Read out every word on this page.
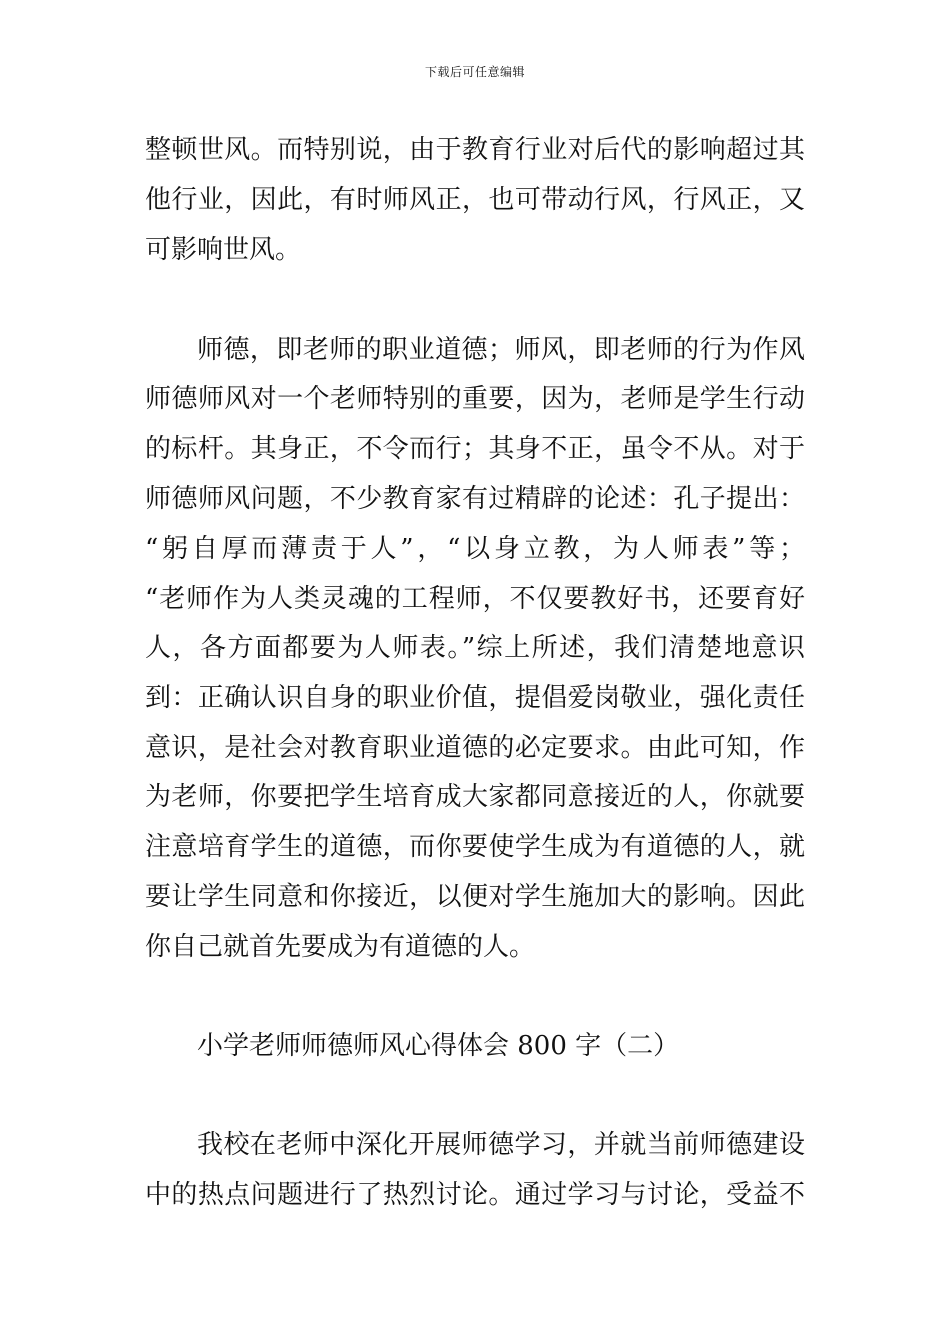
下载后可任意编辑
整顿世风。而特别说，由于教育行业对后代的影响超过其
他行业，因此，有时师风正，也可带动行风，行风正，又
可影响世风。
师德，即老师的职业道德；师风，即老师的行为作风
师德师风对一个老师特别的重要，因为，老师是学生行动
的标杆。其身正，不令而行；其身不正，虽令不从。对于
师德师风问题，不少教育家有过精辟的论述：孔子提出：
“躬自厚而薄责于人”，“以身立教，为人师表”等；
“老师作为人类灵魂的工程师，不仅要教好书，还要育好
人，各方面都要为人师表。”综上所述，我们清楚地意识
到：正确认识自身的职业价值，提倡爱岗敬业，强化责任
意识，是社会对教育职业道德的必定要求。由此可知，作
为老师，你要把学生培育成大家都同意接近的人，你就要
注意培育学生的道德，而你要使学生成为有道德的人，就
要让学生同意和你接近，以便对学生施加大的影响。因此
你自己就首先要成为有道德的人。
小学老师师德师风心得体会 800 字（二）
我校在老师中深化开展师德学习，并就当前师德建设
中的热点问题进行了热烈讨论。通过学习与讨论，受益不
